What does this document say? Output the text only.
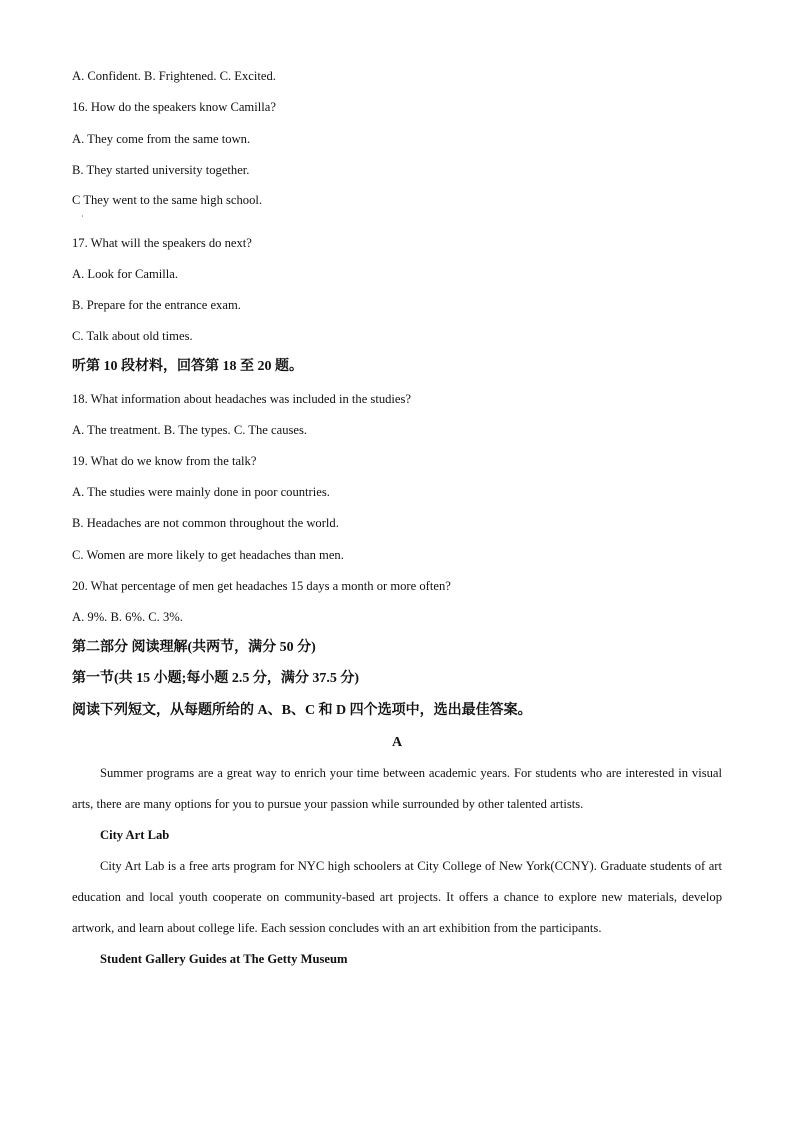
A. Confident. B. Frightened. C. Excited.
16. How do the speakers know Camilla?
A. They come from the same town.
B. They started university together.
C They went to the same high school.
·
17. What will the speakers do next?
A. Look for Camilla.
B. Prepare for the entrance exam.
C. Talk about old times.
听第 10 段材料，回答第 18 至 20 题。
18. What information about headaches was included in the studies?
A. The treatment. B. The types. C. The causes.
19. What do we know from the talk?
A. The studies were mainly done in poor countries.
B. Headaches are not common throughout the world.
C. Women are more likely to get headaches than men.
20. What percentage of men get headaches 15 days a month or more often?
A. 9%. B. 6%. C. 3%.
第二部分 阅读理解(共两节，满分 50 分)
第一节(共 15 小题;每小题 2.5 分，满分 37.5 分)
阅读下列短文，从每题所给的 A、B、C 和 D 四个选项中，选出最佳答案。
A

Summer programs are a great way to enrich your time between academic years. For students who are interested in visual arts, there are many options for you to pursue your passion while surrounded by other talented artists.

City Art Lab

City Art Lab is a free arts program for NYC high schoolers at City College of New York(CCNY). Graduate students of art education and local youth cooperate on community-based art projects. It offers a chance to explore new materials, develop artwork, and learn about college life. Each session concludes with an art exhibition from the participants.

Student Gallery Guides at The Getty Museum
